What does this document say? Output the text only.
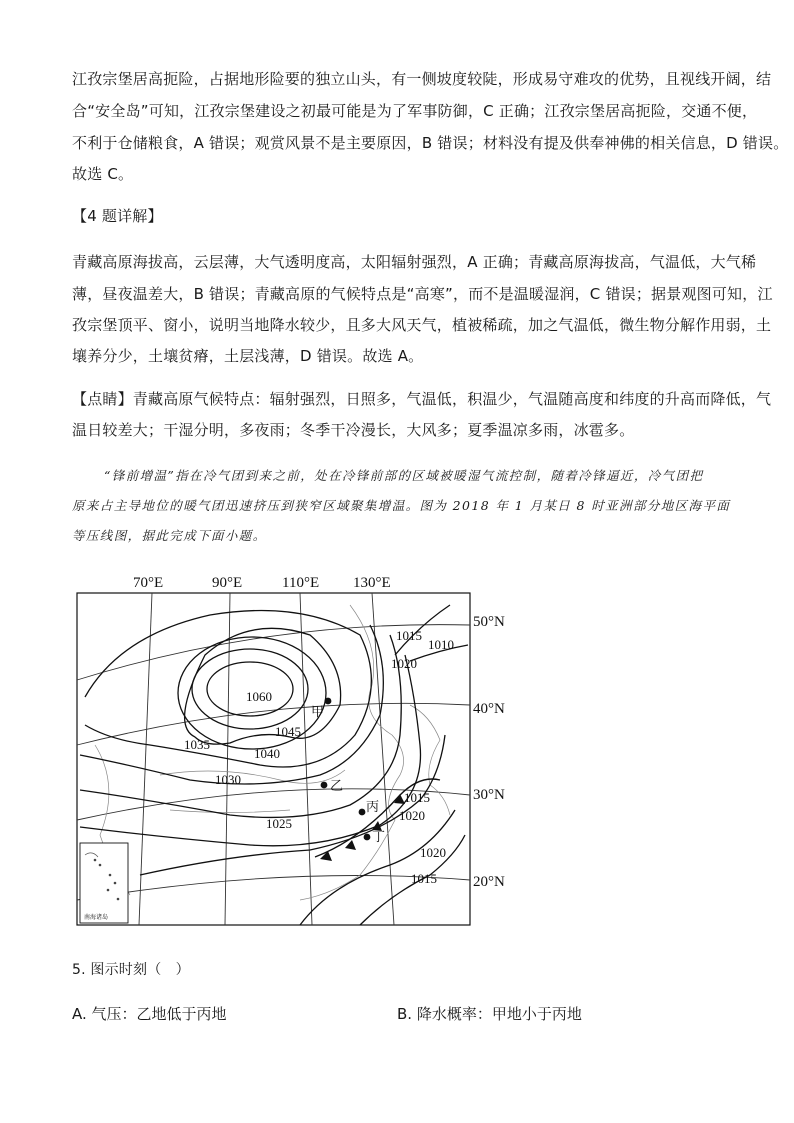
江孜宗堡居高扼险，占据地形险要的独立山头，有一侧坡度较陡，形成易守难攻的优势，且视线开阔，结
合“安全岛”可知，江孜宗堡建设之初最可能是为了军事防御，C 正确；江孜宗堡居高扼险，交通不便，
不利于仓储粮食，A 错误；观赏风景不是主要原因，B 错误；材料没有提及供奉神佛的相关信息，D 错误。
故选 C。
【4 题详解】
青藏高原海拔高，云层薄，大气透明度高，太阳辐射强烈，A 正确；青藏高原海拔高，气温低，大气稀
薄，昼夜温差大，B 错误；青藏高原的气候特点是“高寒”，而不是温暖湿润，C 错误；据景观图可知，江
孜宗堡顶平、窗小，说明当地降水较少，且多大风天气，植被稀疏，加之气温低，微生物分解作用弱，土
壤养分少，土壤贫瘠，土层浅薄，D 错误。故选 A。
【点睛】青藏高原气候特点：辐射强烈，日照多，气温低，积温少，气温随高度和纬度的升高而降低，气
温日较差大；干湿分明，多夜雨；冬季干冷漫长，大风多；夏季温凉多雨，冰雹多。
“锋前增温”指在冷气团到来之前，处在冷锋前部的区域被暖湿气流控制，随着冷锋逼近，冷气团把
原来占主导地位的暖气团迅速挤压到狭窄区域聚集增温。图为 2018 年 1 月某日 8 时亚洲部分地区海平面
等压线图，据此完成下面小题。
70°E	90°E	110°E 130°E
50°N
40°N
30°N
20°N
1060
1045
1040
1035
1030
1025
1020
1015
1010
1015
1020
1020
1015
甲
乙
丙
丁
南海诸岛
5. 图示时刻（　）
A. 气压：乙地低于丙地	B. 降水概率：甲地小于丙地
